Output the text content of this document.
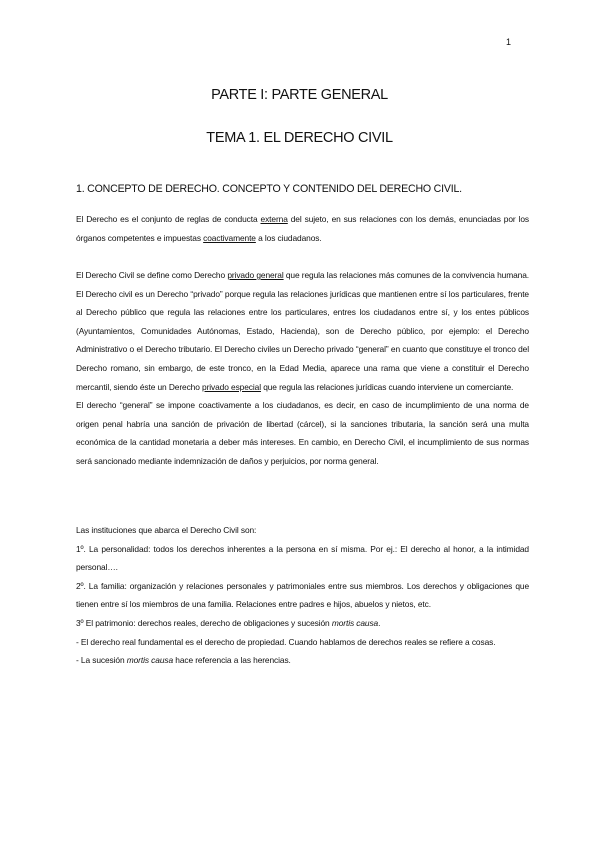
1
PARTE I: PARTE GENERAL
TEMA 1. EL DERECHO CIVIL
1. CONCEPTO DE DERECHO. CONCEPTO Y CONTENIDO DEL DERECHO CIVIL.

El Derecho es el conjunto de reglas de conducta externa del sujeto, en sus relaciones con los demás, enunciadas por los órganos competentes e impuestas coactivamente a los ciudadanos.

El Derecho Civil se define como Derecho privado general que regula las relaciones más comunes de la convivencia humana. El Derecho civil es un Derecho “privado” porque regula las relaciones jurídicas que mantienen entre sí los particulares, frente al Derecho público que regula las relaciones entre los particulares, entres los ciudadanos entre sí, y los entes públicos (Ayuntamientos, Comunidades Autónomas, Estado, Hacienda), son de Derecho público, por ejemplo: el Derecho Administrativo o el Derecho tributario. El Derecho civiles un Derecho privado “general” en cuanto que constituye el tronco del Derecho romano, sin embargo, de este tronco, en la Edad Media, aparece una rama que viene a constituir el Derecho mercantil, siendo éste un Derecho privado especial que regula las relaciones jurídicas cuando interviene un comerciante.

El derecho “general” se impone coactivamente a los ciudadanos, es decir, en caso de incumplimiento de una norma de origen penal habría una sanción de privación de libertad (cárcel), si la sanciones tributaria, la sanción será una multa económica de la cantidad monetaria a deber más intereses. En cambio, en Derecho Civil, el incumplimiento de sus normas será sancionado mediante indemnización de daños y perjuicios, por norma general.

Las instituciones que abarca el Derecho Civil son:

1º. La personalidad: todos los derechos inherentes a la persona en sí misma. Por ej.: El derecho al honor, a la intimidad personal….

2º. La familia: organización y relaciones personales y patrimoniales entre sus miembros. Los derechos y obligaciones que tienen entre sí los miembros de una familia. Relaciones entre padres e hijos, abuelos y nietos, etc.

3º El patrimonio: derechos reales, derecho de obligaciones y sucesión mortis causa.

- El derecho real fundamental es el derecho de propiedad. Cuando hablamos de derechos reales se refiere a cosas.

- La sucesión mortis causa hace referencia a las herencias.
